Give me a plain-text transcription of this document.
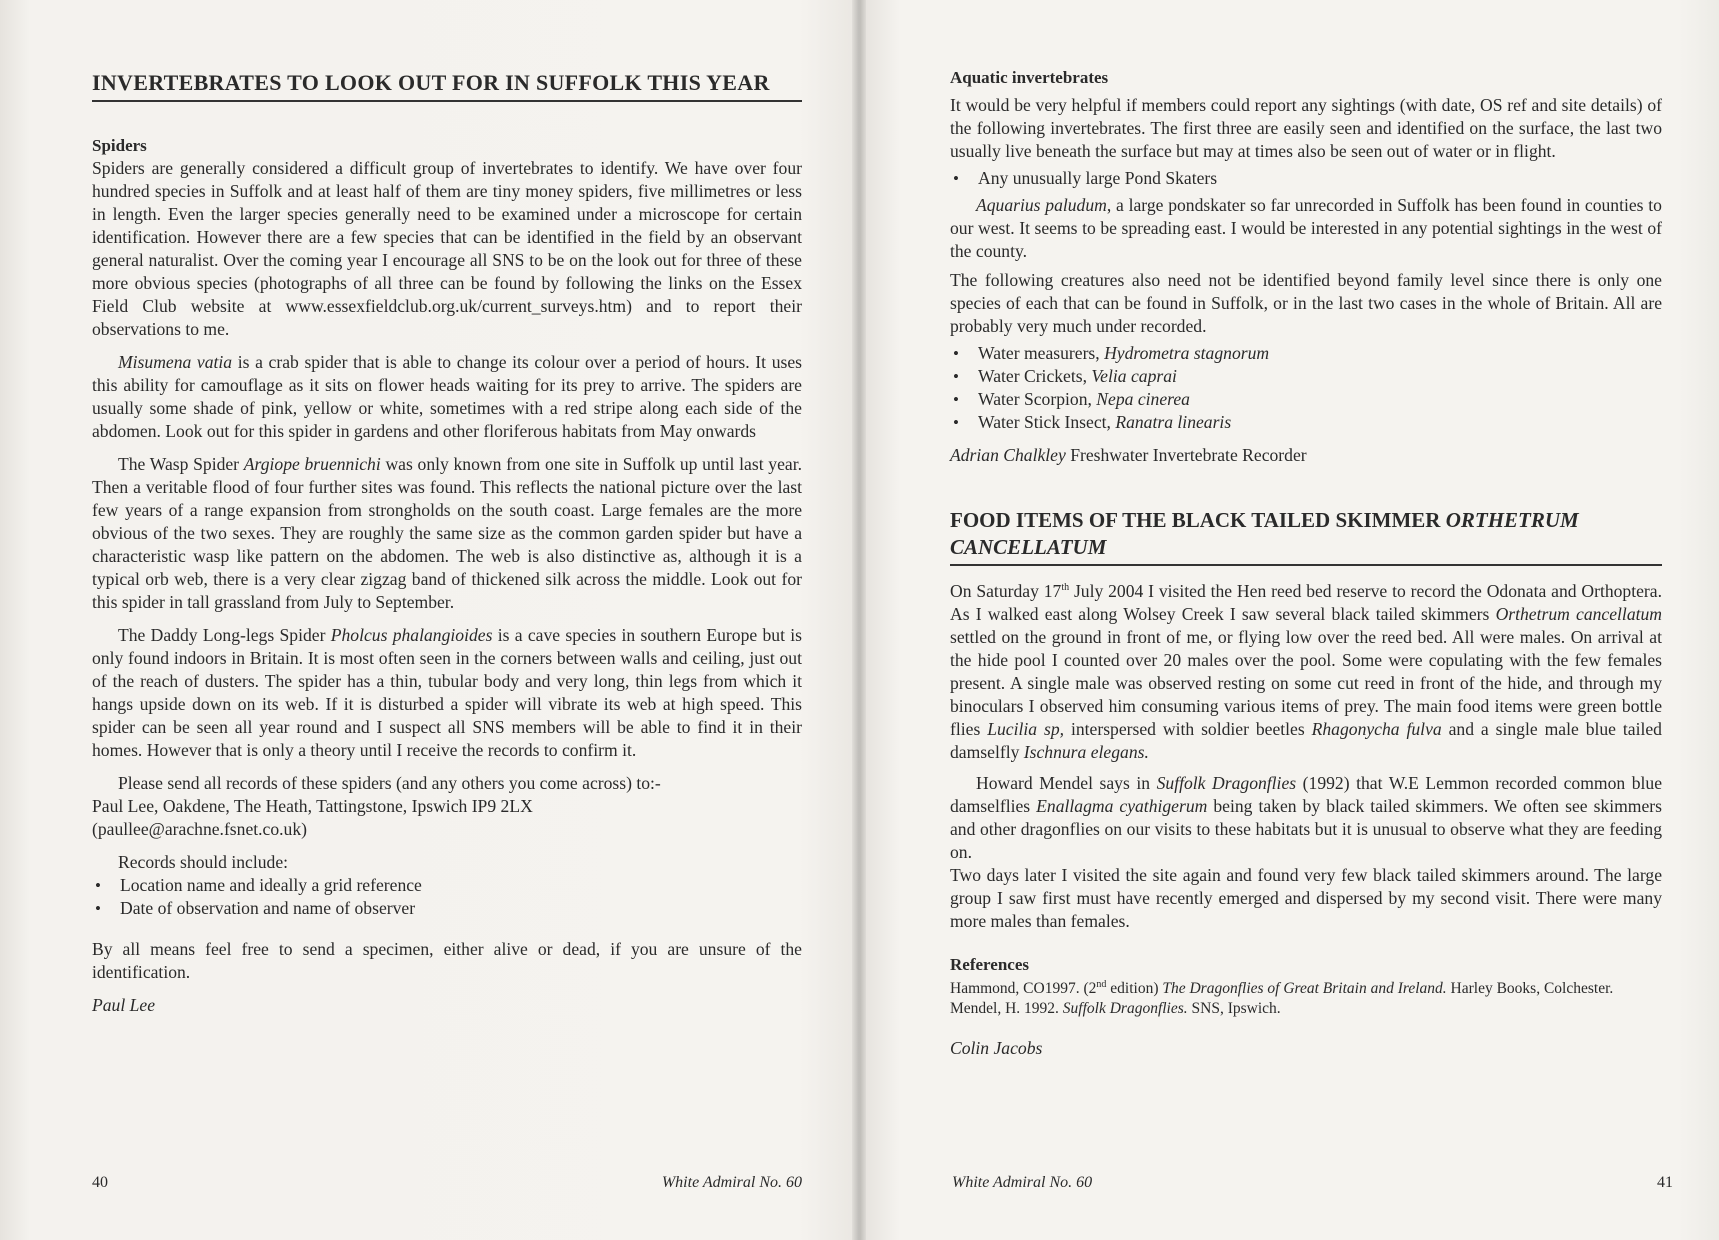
INVERTEBRATES TO LOOK OUT FOR IN SUFFOLK THIS YEAR
Spiders

Spiders are generally considered a difficult group of invertebrates to identify. We have over four hundred species in Suffolk and at least half of them are tiny money spiders, five millimetres or less in length. Even the larger species generally need to be examined under a microscope for certain identification. However there are a few species that can be identified in the field by an observant general naturalist. Over the coming year I encourage all SNS to be on the look out for three of these more obvious species (photographs of all three can be found by following the links on the Essex Field Club website at www.essexfieldclub.org.uk/current_surveys.htm) and to report their observations to me.

Misumena vatia is a crab spider that is able to change its colour over a period of hours. It uses this ability for camouflage as it sits on flower heads waiting for its prey to arrive. The spiders are usually some shade of pink, yellow or white, sometimes with a red stripe along each side of the abdomen. Look out for this spider in gardens and other floriferous habitats from May onwards

The Wasp Spider Argiope bruennichi was only known from one site in Suffolk up until last year. Then a veritable flood of four further sites was found. This reflects the national picture over the last few years of a range expansion from strongholds on the south coast. Large females are the more obvious of the two sexes. They are roughly the same size as the common garden spider but have a characteristic wasp like pattern on the abdomen. The web is also distinctive as, although it is a typical orb web, there is a very clear zigzag band of thickened silk across the middle. Look out for this spider in tall grassland from July to September.

The Daddy Long-legs Spider Pholcus phalangioides is a cave species in southern Europe but is only found indoors in Britain. It is most often seen in the corners between walls and ceiling, just out of the reach of dusters. The spider has a thin, tubular body and very long, thin legs from which it hangs upside down on its web. If it is disturbed a spider will vibrate its web at high speed. This spider can be seen all year round and I suspect all SNS members will be able to find it in their homes. However that is only a theory until I receive the records to confirm it.

Please send all records of these spiders (and any others you come across) to:-

Paul Lee, Oakdene, The Heath, Tattingstone, Ipswich IP9 2LX

(paullee@arachne.fsnet.co.uk)

Records should include:

• Location name and ideally a grid reference
• Date of observation and name of observer

By all means feel free to send a specimen, either alive or dead, if you are unsure of the identification.

Paul Lee

40	White Admiral No. 60
Aquatic invertebrates

It would be very helpful if members could report any sightings (with date, OS ref and site details) of the following invertebrates. The first three are easily seen and identified on the surface, the last two usually live beneath the surface but may at times also be seen out of water or in flight.

• Any unusually large Pond Skaters

Aquarius paludum, a large pondskater so far unrecorded in Suffolk has been found in counties to our west. It seems to be spreading east. I would be interested in any potential sightings in the west of the county.

The following creatures also need not be identified beyond family level since there is only one species of each that can be found in Suffolk, or in the last two cases in the whole of Britain. All are probably very much under recorded.

• Water measurers, Hydrometra stagnorum
• Water Crickets, Velia caprai
• Water Scorpion, Nepa cinerea
• Water Stick Insect, Ranatra linearis

Adrian Chalkley Freshwater Invertebrate Recorder

FOOD ITEMS OF THE BLACK TAILED SKIMMER ORTHETRUM CANCELLATUM

On Saturday 17th July 2004 I visited the Hen reed bed reserve to record the Odonata and Orthoptera. As I walked east along Wolsey Creek I saw several black tailed skimmers Orthetrum cancellatum settled on the ground in front of me, or flying low over the reed bed. All were males. On arrival at the hide pool I counted over 20 males over the pool. Some were copulating with the few females present. A single male was observed resting on some cut reed in front of the hide, and through my binoculars I observed him consuming various items of prey. The main food items were green bottle flies Lucilia sp, interspersed with soldier beetles Rhagonycha fulva and a single male blue tailed damselfly Ischnura elegans.

Howard Mendel says in Suffolk Dragonflies (1992) that W.E Lemmon recorded common blue damselflies Enallagma cyathigerum being taken by black tailed skimmers. We often see skimmers and other dragonflies on our visits to these habitats but it is unusual to observe what they are feeding on.

Two days later I visited the site again and found very few black tailed skimmers around. The large group I saw first must have recently emerged and dispersed by my second visit. There were many more males than females.

References
Hammond, CO1997. (2nd edition) The Dragonflies of Great Britain and Ireland. Harley Books, Colchester.
Mendel, H. 1992. Suffolk Dragonflies. SNS, Ipswich.

Colin Jacobs

White Admiral No. 60	41
